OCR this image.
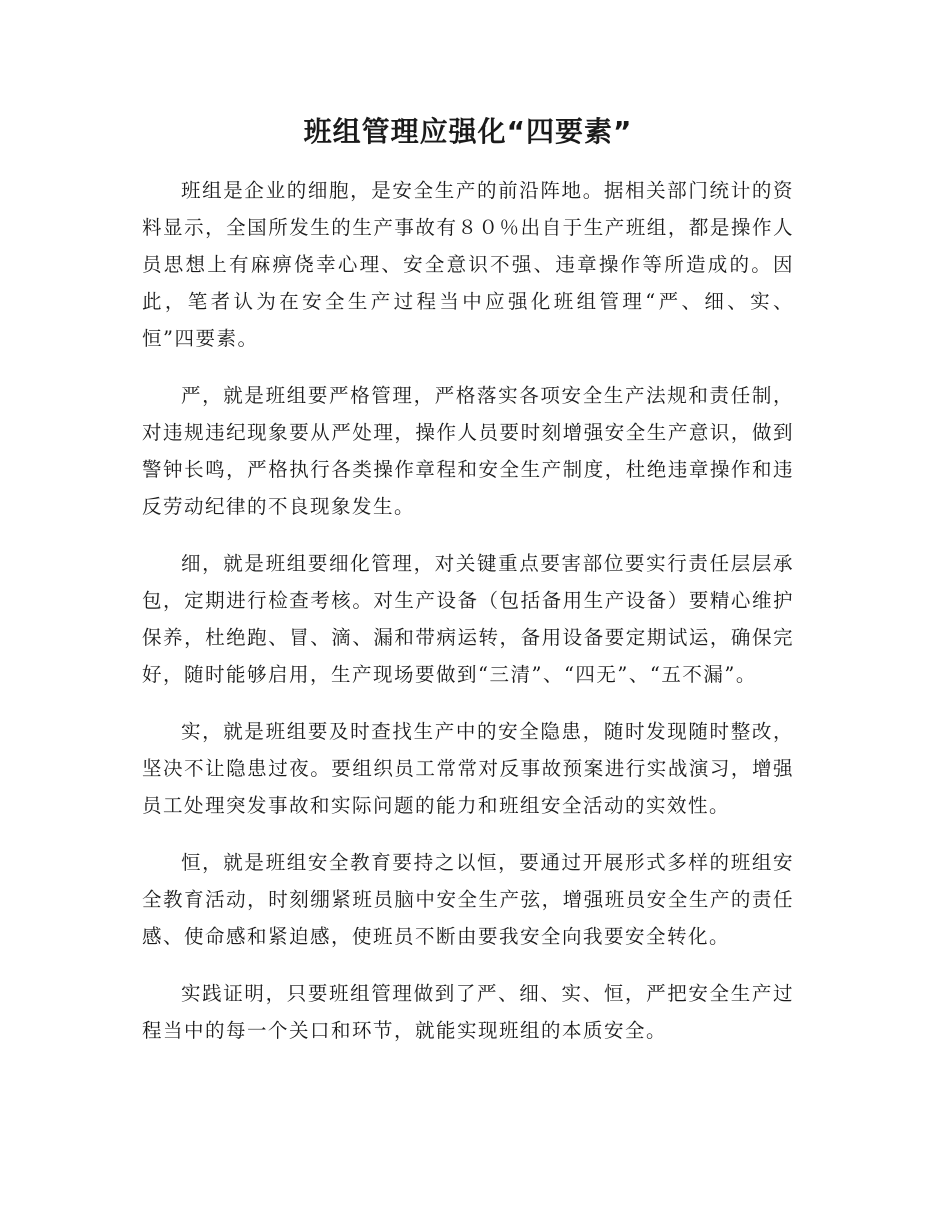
班组管理应强化“四要素”

班组是企业的细胞，是安全生产的前沿阵地。据相关部门统计的资料显示，全国所发生的生产事故有８０％出自于生产班组，都是操作人员思想上有麻痹侥幸心理、安全意识不强、违章操作等所造成的。因此，笔者认为在安全生产过程当中应强化班组管理“严、细、实、恒”四要素。

严，就是班组要严格管理，严格落实各项安全生产法规和责任制，对违规违纪现象要从严处理，操作人员要时刻增强安全生产意识，做到警钟长鸣，严格执行各类操作章程和安全生产制度，杜绝违章操作和违反劳动纪律的不良现象发生。

细，就是班组要细化管理，对关键重点要害部位要实行责任层层承包，定期进行检查考核。对生产设备（包括备用生产设备）要精心维护保养，杜绝跑、冒、滴、漏和带病运转，备用设备要定期试运，确保完好，随时能够启用，生产现场要做到“三清”、“四无”、“五不漏”。

实，就是班组要及时查找生产中的安全隐患，随时发现随时整改，坚决不让隐患过夜。要组织员工常常对反事故预案进行实战演习，增强员工处理突发事故和实际问题的能力和班组安全活动的实效性。

恒，就是班组安全教育要持之以恒，要通过开展形式多样的班组安全教育活动，时刻绷紧班员脑中安全生产弦，增强班员安全生产的责任感、使命感和紧迫感，使班员不断由要我安全向我要安全转化。

实践证明，只要班组管理做到了严、细、实、恒，严把安全生产过程当中的每一个关口和环节，就能实现班组的本质安全。
